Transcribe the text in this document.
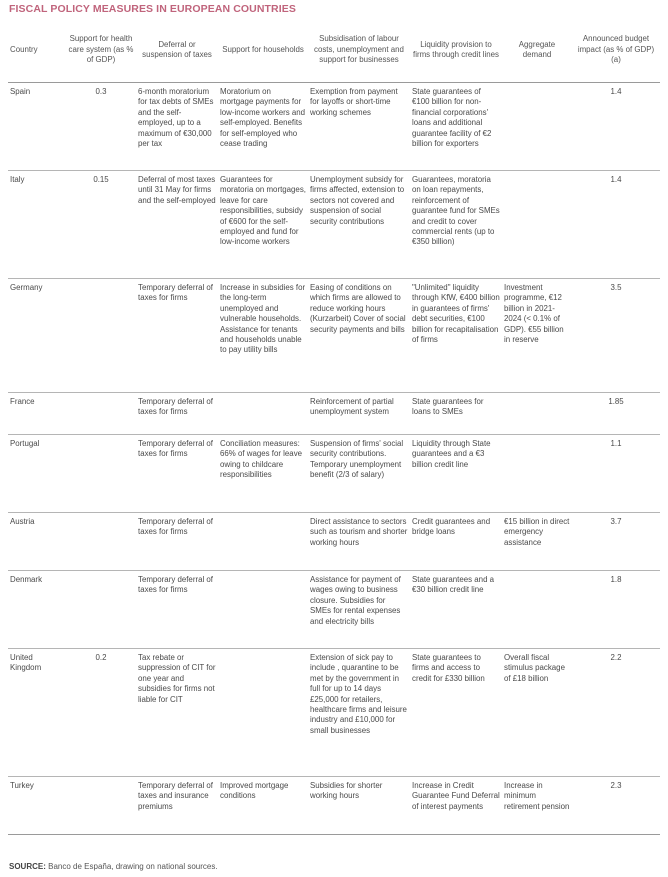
FISCAL POLICY MEASURES IN EUROPEAN COUNTRIES
Country	Support for health care system (as % of GDP)	Deferral or suspension of taxes	Support for households	Subsidisation of labour costs, unemployment and support for businesses	Liquidity provision to firms through credit lines	Aggregate demand	Announced budget impact (as % of GDP) (a)
Spain	0.3	6-month moratorium for tax debts of SMEs and the self-employed, up to a maximum of €30,000 per tax	Moratorium on mortgage payments for low-income workers and self-employed. Benefits for self-employed who cease trading	Exemption from payment for layoffs or short-time working schemes	State guarantees of €100 billion for non-financial corporations' loans and additional guarantee facility of €2 billion for exporters		1.4
Italy	0.15	Deferral of most taxes until 31 May for firms and the self-employed	Guarantees for moratoria on mortgages, leave for care responsibilities, subsidy of €600 for the self-employed and fund for low-income workers	Unemployment subsidy for firms affected, extension to sectors not covered and suspension of social security contributions	Guarantees, moratoria on loan repayments, reinforcement of guarantee fund for SMEs and credit to cover commercial rents (up to €350 billion)		1.4
Germany		Temporary deferral of taxes for firms	Increase in subsidies for the long-term unemployed and vulnerable households. Assistance for tenants and households unable to pay utility bills	Easing of conditions on which firms are allowed to reduce working hours (Kurzarbeit) Cover of social security payments and bills	"Unlimited" liquidity through KfW, €400 billion in guarantees of firms' debt securities, €100 billion for recapitalisation of firms	Investment programme, €12 billion in 2021-2024 (< 0.1% of GDP). €55 billion in reserve	3.5
France		Temporary deferral of taxes for firms		Reinforcement of partial unemployment system	State guarantees for loans to SMEs		1.85
Portugal		Temporary deferral of taxes for firms	Conciliation measures: 66% of wages for leave owing to childcare responsibilities	Suspension of firms' social security contributions. Temporary unemployment benefit (2/3 of salary)	Liquidity through State guarantees and a €3 billion credit line		1.1
Austria		Temporary deferral of taxes for firms		Direct assistance to sectors such as tourism and shorter working hours	Credit guarantees and bridge loans	€15 billion in direct emergency assistance	3.7
Denmark		Temporary deferral of taxes for firms		Assistance for payment of wages owing to business closure. Subsidies for SMEs for rental expenses and electricity bills	State guarantees and a €30 billion credit line		1.8
United Kingdom	0.2	Tax rebate or suppression of CIT for one year and subsidies for firms not liable for CIT		Extension of sick pay to include , quarantine to be met by the government in full for up to 14 days £25,000 for retailers, healthcare firms and leisure industry and £10,000 for small businesses	State guarantees to firms and access to credit for £330 billion	Overall fiscal stimulus package of £18 billion	2.2
Turkey		Temporary deferral of taxes and insurance premiums	Improved mortgage conditions	Subsidies for shorter working hours	Increase in Credit Guarantee Fund Deferral of interest payments	Increase in minimum retirement pension	2.3
SOURCE: Banco de España, drawing on national sources.
